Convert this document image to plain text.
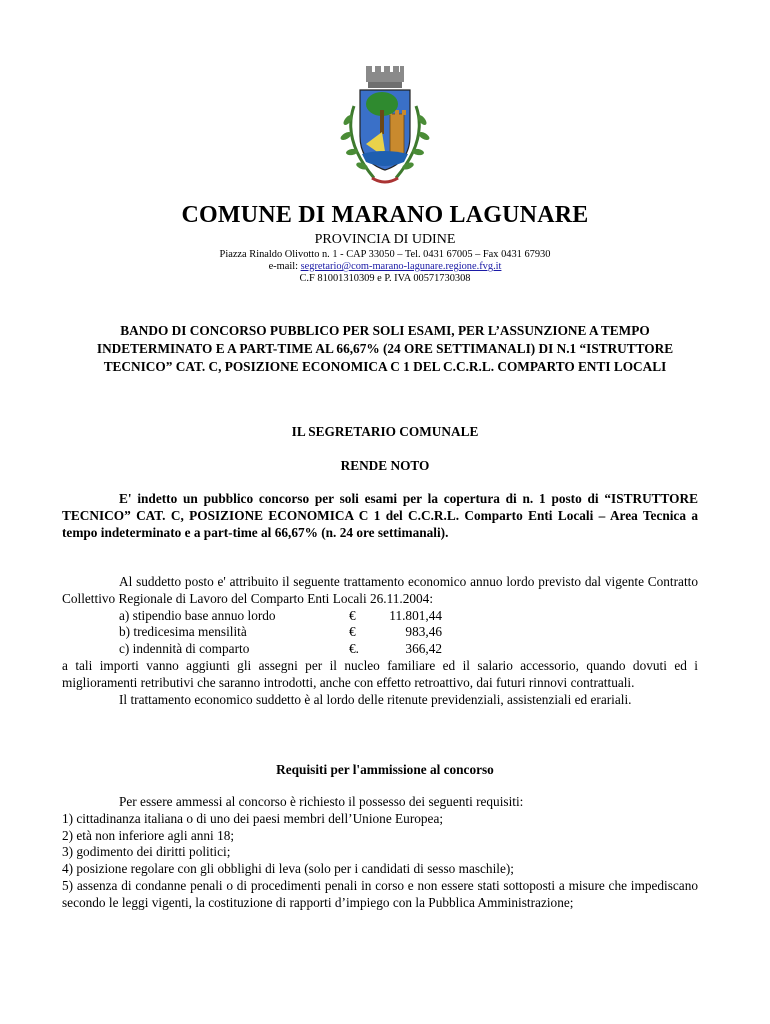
COMUNE DI MARANO LAGUNARE
PROVINCIA DI UDINE
Piazza Rinaldo Olivotto n. 1 - CAP 33050 – Tel. 0431 67005 – Fax 0431 67930
e-mail: segretario@com-marano-lagunare.regione.fvg.it
C.F 81001310309 e P. IVA 00571730308

BANDO DI CONCORSO PUBBLICO PER SOLI ESAMI, PER L’ASSUNZIONE A TEMPO INDETERMINATO E A PART-TIME AL 66,67% (24 ORE SETTIMANALI) DI N.1 “ISTRUTTORE TECNICO” CAT. C, POSIZIONE ECONOMICA C 1 DEL C.C.R.L. COMPARTO ENTI LOCALI

IL SEGRETARIO COMUNALE

RENDE NOTO

E' indetto un pubblico concorso per soli esami per la copertura di n. 1 posto di “ISTRUTTORE TECNICO” CAT. C, POSIZIONE ECONOMICA C 1 del C.C.R.L. Comparto Enti Locali – Area Tecnica a tempo indeterminato e a part-time al 66,67% (n. 24 ore settimanali).

Al suddetto posto e' attribuito il seguente trattamento economico annuo lordo previsto dal vigente Contratto Collettivo Regionale di Lavoro del Comparto Enti Locali 26.11.2004:

a) stipendio base annuo lordo	€	11.801,44
b) tredicesima mensilità	€	983,46
c) indennità di comparto	€.	366,42

a tali importi vanno aggiunti gli assegni per il nucleo familiare ed il salario accessorio, quando dovuti ed i miglioramenti retributivi che saranno introdotti, anche con effetto retroattivo, dai futuri rinnovi contrattuali.

Il trattamento economico suddetto è al lordo delle ritenute previdenziali, assistenziali ed erariali.

Requisiti per l'ammissione al concorso

Per essere ammessi al concorso è richiesto il possesso dei seguenti requisiti:

1) cittadinanza italiana o di uno dei paesi membri dell’Unione Europea;

2) età non inferiore agli anni 18;

3) godimento dei diritti politici;

4) posizione regolare con gli obblighi di leva (solo per i candidati di sesso maschile);

5) assenza di condanne penali o di procedimenti penali in corso e non essere stati sottoposti a misure che impediscano secondo le leggi vigenti, la costituzione di rapporti d’impiego con la Pubblica Amministrazione;
